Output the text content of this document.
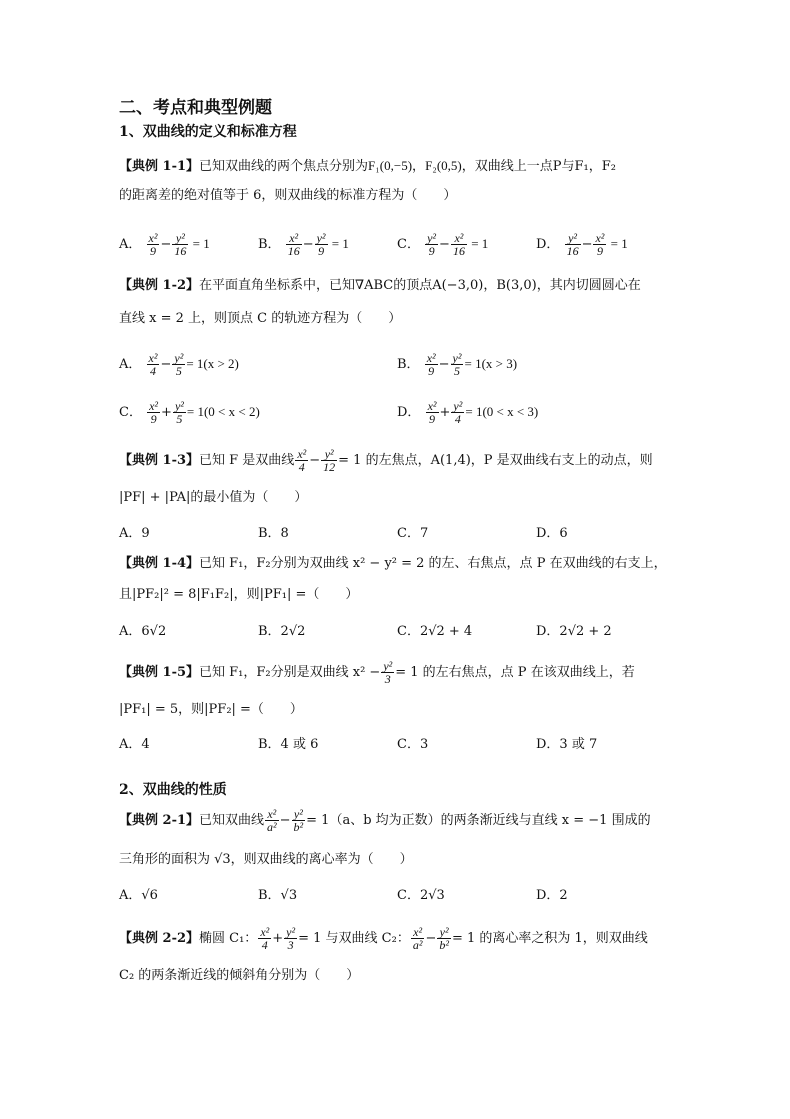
二、考点和典型例题
1、双曲线的定义和标准方程
【典例 1-1】已知双曲线的两个焦点分别为F₁(0,−5)，F₂(0,5)，双曲线上一点P与F₁，F₂
的距离差的绝对值等于 6，则双曲线的标准方程为（　　）
A． $\frac{\text{x²}}{9} - \frac{\text{y²}}{16} = 1$	B． $\frac{\text{x²}}{16} - \frac{\text{y²}}{9} = 1$	C． $\frac{\text{y²}}{9} - \frac{\text{x²}}{16} = 1$	D． $\frac{\text{y²}}{16} - \frac{\text{x²}}{9} = 1$
【典例 1-2】在平面直角坐标系中，已知∇ABC的顶点A(−3,0)，B(3,0)，其内切圆圆心在
直线 x = 2 上，则顶点 C 的轨迹方程为（　　）
A． $\frac{\text{x²}}{4} - \frac{\text{y²}}{5} = 1(x > 2)$	B． $\frac{\text{x²}}{9} - \frac{\text{y²}}{5} = 1(x > 3)$
C． $\frac{\text{x²}}{9} + \frac{\text{y²}}{5} = 1(0 < x < 2)$	D． $\frac{\text{x²}}{9} + \frac{\text{y²}}{4} = 1(0 < x < 3)$
【典例 1-3】已知 F 是双曲线 $\frac{\text{x²}}{4} - \frac{\text{y²}}{12} = 1$ 的左焦点，A(1,4)，P 是双曲线右支上的动点，则
|PF| + |PA|的最小值为（　　）
A．9	B．8	C．7	D．6
【典例 1-4】已知 F₁，F₂分别为双曲线 x² − y² = 2 的左、右焦点，点 P 在双曲线的右支上，
且|PF₂|² = 8|F₁F₂|，则|PF₁| =（　　）
A．6√2	B．2√2	C．2√2 + 4	D．2√2 + 2
【典例 1-5】已知 F₁，F₂分别是双曲线 $x^2 - \frac{\text{y²}}{3} = 1$ 的左右焦点，点 P 在该双曲线上，若
|PF₁| = 5，则|PF₂| =（　　）
A．4	B．4 或 6	C．3	D．3 或 7
2、双曲线的性质
【典例 2-1】已知双曲线 $\frac{\text{x²}}{\text{a²}} - \frac{\text{y²}}{\text{b²}} = 1(a$、b 均为正数）的两条渐近线与直线 x = −1 围成的
三角形的面积为 √3，则双曲线的离心率为（　　）
A．√6	B．√3	C．2√3	D．2
【典例 2-2】椭圆 C₁： $\frac{\text{x²}}{4} + \frac{\text{y²}}{3} = 1$ 与双曲线 C₂： $\frac{\text{x²}}{\text{a²}} - \frac{\text{y²}}{\text{b²}} = 1$ 的离心率之积为 1，则双曲线
C₂ 的两条渐近线的倾斜角分别为（　　）
